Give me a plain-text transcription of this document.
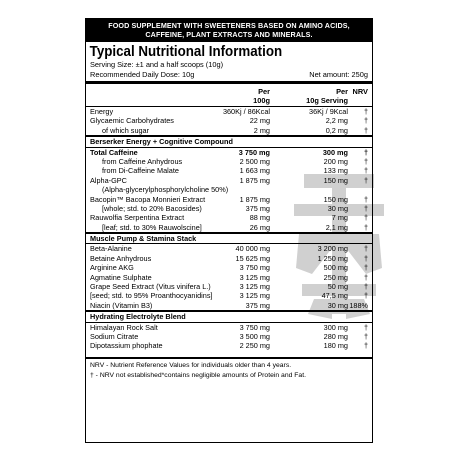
FOOD SUPPLEMENT WITH SWEETENERS BASED ON AMINO ACIDS,
CAFFEINE, PLANT EXTRACTS AND MINERALS.
Typical Nutritional Information
Serving Size: ±1 and a half scoops (10g)
Recommended Daily Dose: 10g	Net amount: 250g
Per
100g
Per
10g Serving
NRV
Energy	360Kj / 86Kcal	36Kj / 9Kcal †
Glycaemic Carbohydrates	22 mg	2,2 mg †
of which sugar	2 mg	0,2 mg †
Berserker Energy + Cognitive Compound
Total Caffeine	3 750 mg	300 mg †
from Caffeine Anhydrous	2 500 mg	200 mg †
from Di-Caffeine Malate	1 663 mg	133 mg †
Alpha-GPC	1 875 mg	150 mg †
(Alpha-glycerylphosphorylcholine 50%)
Bacopin™ Bacopa Monnieri Extract	1 875 mg	150 mg †
[whole; std. to 20% Bacosides)	375 mg	30 mg †
Rauwolfia Serpentina Extract	88 mg	7 mg †
[leaf; std. to 30% Rauwolscine]	26 mg	2,1 mg †
Muscle Pump & Stamina Stack
Beta-Alanine	40 000 mg	3 200 mg †
Betaine Anhydrous	15 625 mg	1 250 mg †
Arginine AKG	3 750 mg	500 mg †
Agmatine Sulphate	3 125 mg	250 mg †
Grape Seed Extract (Vitus vinifera L.)	3 125 mg	50 mg †
[seed; std. to 95% Proanthocyanidins]	3 125 mg	47,5 mg †
Niacin (Vitamin B3)	375 mg	30 mg 188%
Hydrating Electrolyte Blend
Himalayan Rock Salt	3 750 mg	300 mg †
Sodium Citrate	3 500 mg	280 mg †
Dipotassium phophate	2 250 mg	180 mg †
NRV - Nutrient Reference Values for individuals older than 4 years.
† - NRV not established*contains negligible amounts of Protein and Fat.
